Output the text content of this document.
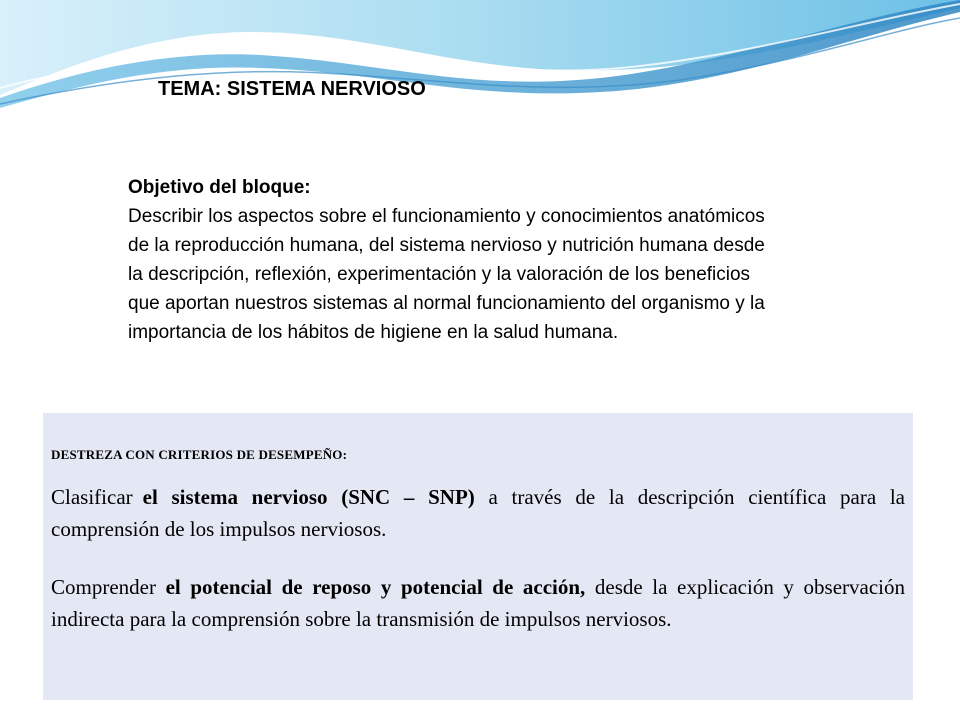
TEMA: SISTEMA NERVIOSO
Objetivo del bloque:
Describir los aspectos sobre el funcionamiento y conocimientos anatómicos de la reproducción humana, del sistema nervioso y nutrición humana desde la descripción, reflexión, experimentación y la valoración de los beneficios que aportan nuestros sistemas al normal funcionamiento del organismo y la importancia de los hábitos de higiene en la salud humana.

DESTREZA CON CRITERIOS DE DESEMPEÑO:

Clasificar el sistema nervioso (SNC – SNP) a través de la descripción científica para la comprensión de los impulsos nerviosos.

Comprender el potencial de reposo y potencial de acción, desde la explicación y observación indirecta para la comprensión sobre la transmisión de impulsos nerviosos.
